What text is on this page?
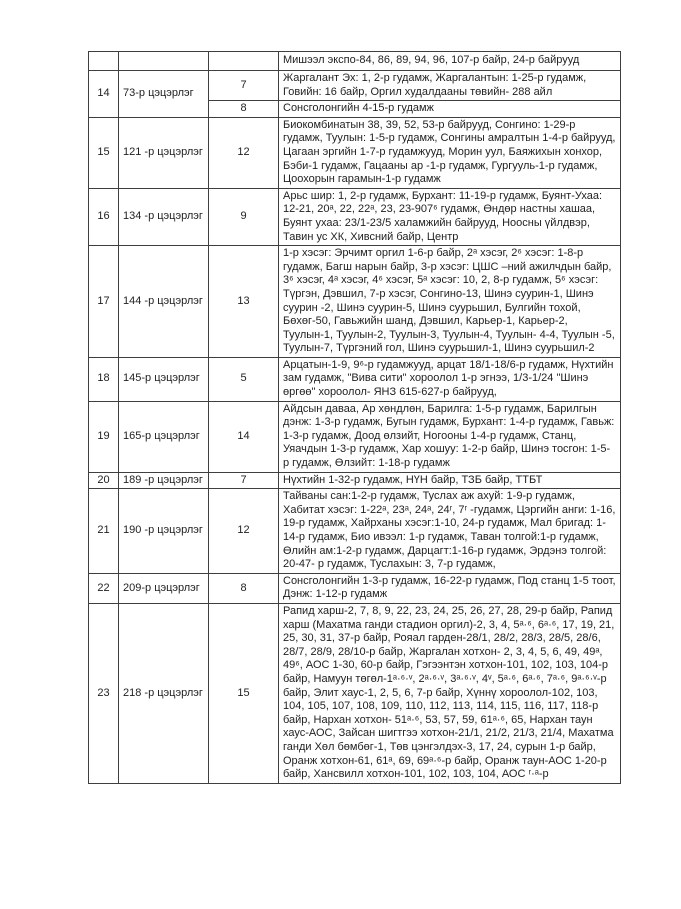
			Мишээл экспо-84, 86, 89, 94, 96, 107-р байр, 24-р байрууд
14	73-р цэцэрлэг	7	Жаргалант Эх: 1, 2-р гудамж, Жаргалантын: 1-25-р гудамж, Говийн: 16 байр, Оргил худалдааны төвийн- 288 айл
		8	Сонсголонгийн 4-15-р гудамж
15	121 -р цэцэрлэг	12	Биокомбинатын 38, 39, 52, 53-р байрууд, Сонгино: 1-29-р гудамж, Туулын: 1-5-р гудамж, Сонгины амралтын 1-4-р байрууд, Цагаан эргийн 1-7-р гудамжууд, Морин уул, Баяжихын хонхор, Бэби-1 гудамж, Гацааны ар -1-р гудамж, Гургууль-1-р гудамж, Цоохорын гарамын-1-р гудамж
16	134 -р цэцэрлэг	9	Арьс шир: 1, 2-р гудамж, Бурхант: 11-19-р гудамж, Буянт-Ухаа: 12-21, 20ᵃ, 22, 22ᵃ, 23, 23-907⁶ гудамж, Өндөр настны хашаа, Буянт ухаа: 23/1-23/5 халамжийн байрууд, Ноосны үйлдвэр, Тавин ус ХК, Хивсний байр, Центр
17	144 -р цэцэрлэг	13	1-р хэсэг: Эрчимт оргил 1-6-р байр, 2ᵃ хэсэг, 2⁶ хэсэг: 1-8-р гудамж, Багш нарын байр, 3-р хэсэг: ЦШС –ний ажилчдын байр, 3⁶ хэсэг, 4ᵃ хэсэг, 4⁶ хэсэг, 5ᵃ хэсэг: 10, 2, 8-р гудамж, 5⁶ хэсэг: Түргэн, Дэвшил, 7-р хэсэг, Сонгино-13, Шинэ суурин-1, Шинэ суурин -2, Шинэ суурин-5, Шинэ суурьшил, Булгийн тохой, Бөхөг-50, Гавьжийн шанд, Дэвшил, Карьер-1, Карьер-2, Туулын-1, Туулын-2, Туулын-3, Туулын-4, Туулын- 4-4, Туулын -5, Туулын-7, Түргэний гол, Шинэ суурьшил-1, Шинэ суурьшил-2
18	145-р цэцэрлэг	5	Арцатын-1-9, 9⁶-р гудамжууд, арцат 18/1-18/6-р гудамж, Нүхтийн зам гудамж, "Вива сити" хороолол 1-р эгнээ, 1/3-1/24 "Шинэ өргөө" хороолол- ЯНЗ 615-627-р байрууд,
19	165-р цэцэрлэг	14	Айдсын даваа, Ар хөндлөн, Барилга: 1-5-р гудамж, Барилгын дэнж: 1-3-р гудамж, Бугын гудамж, Бурхант: 1-4-р гудамж, Гавьж: 1-3-р гудамж, Доод өлзийт, Ногооны 1-4-р гудамж, Станц, Уяачдын 1-3-р гудамж, Хар хошуу: 1-2-р байр, Шинэ тосгон: 1-5-р гудамж, Өлзийт: 1-18-р гудамж
20	189 -р цэцэрлэг	7	Нүхтийн 1-32-р гудамж, НҮН байр, ТЗБ байр, ТТБТ
21	190 -р цэцэрлэг	12	Тайваны сан:1-2-р гудамж, Туслах аж ахуй: 1-9-р гудамж, Хабитат хэсэг: 1-22ᵃ, 23ᵃ, 24ᵃ, 24ʳ, 7ʳ -гудамж, Цэргийн анги: 1-16, 19-р гудамж, Хайрханы хэсэг:1-10, 24-р гудамж, Мал бригад: 1-14-р гудамж, Био ивээл: 1-р гудамж, Таван толгой:1-р гудамж, Өлийн ам:1-2-р гудамж, Дарцагт:1-16-р гудамж, Эрдэнэ толгой: 20-47- р гудамж, Туслахын: 3, 7-р гудамж,
22	209-р цэцэрлэг	8	Сонсголонгийн 1-3-р гудамж, 16-22-р гудамж, Под станц 1-5 тоот, Дэнж: 1-12-р гудамж
23	218 -р цэцэрлэг	15	Рапид харш-2, 7, 8, 9, 22, 23, 24, 25, 26, 27, 28, 29-р байр, Рапид харш (Махатма ганди стадион оргил)-2, 3, 4, 5ᵃ·⁶, 6ᵃ·⁶, 17, 19, 21, 25, 30, 31, 37-р байр, Рояал гарден-28/1, 28/2, 28/3, 28/5, 28/6, 28/7, 28/9, 28/10-р байр, Жаргалан хотхон- 2, 3, 4, 5, 6, 49, 49ᵃ, 49⁶, АОС 1-30, 60-р байр, Гэгээнтэн хотхон-101, 102, 103, 104-р байр, Намуун төгөл-1ᵃ·⁶·ᵛ, 2ᵃ·⁶·ᵛ, 3ᵃ·⁶·ᵛ, 4ᵛ, 5ᵃ·⁶, 6ᵃ·⁶, 7ᵃ·⁶, 9ᵃ·⁶·ᵛ-р байр, Элит хаус-1, 2, 5, 6, 7-р байр, Хүннү хороолол-102, 103, 104, 105, 107, 108, 109, 110, 112, 113, 114, 115, 116, 117, 118-р байр, Нархан хотхон- 51ᵃ·⁶, 53, 57, 59, 61ᵃ·⁶, 65, Нархан таун хаус-АОС, Зайсан шигтгээ хотхон-21/1, 21/2, 21/3, 21/4, Махатма ганди Хөл бөмбөг-1, Төв цэнгэлдэх-3, 17, 24, сурын 1-р байр, Оранж хотхон-61, 61ᵃ, 69, 69ᵃ·⁶-р байр, Оранж таун-АОС 1-20-р байр, Хансвилл хотхон-101, 102, 103, 104, АОС ʳ·ᵃ-р
